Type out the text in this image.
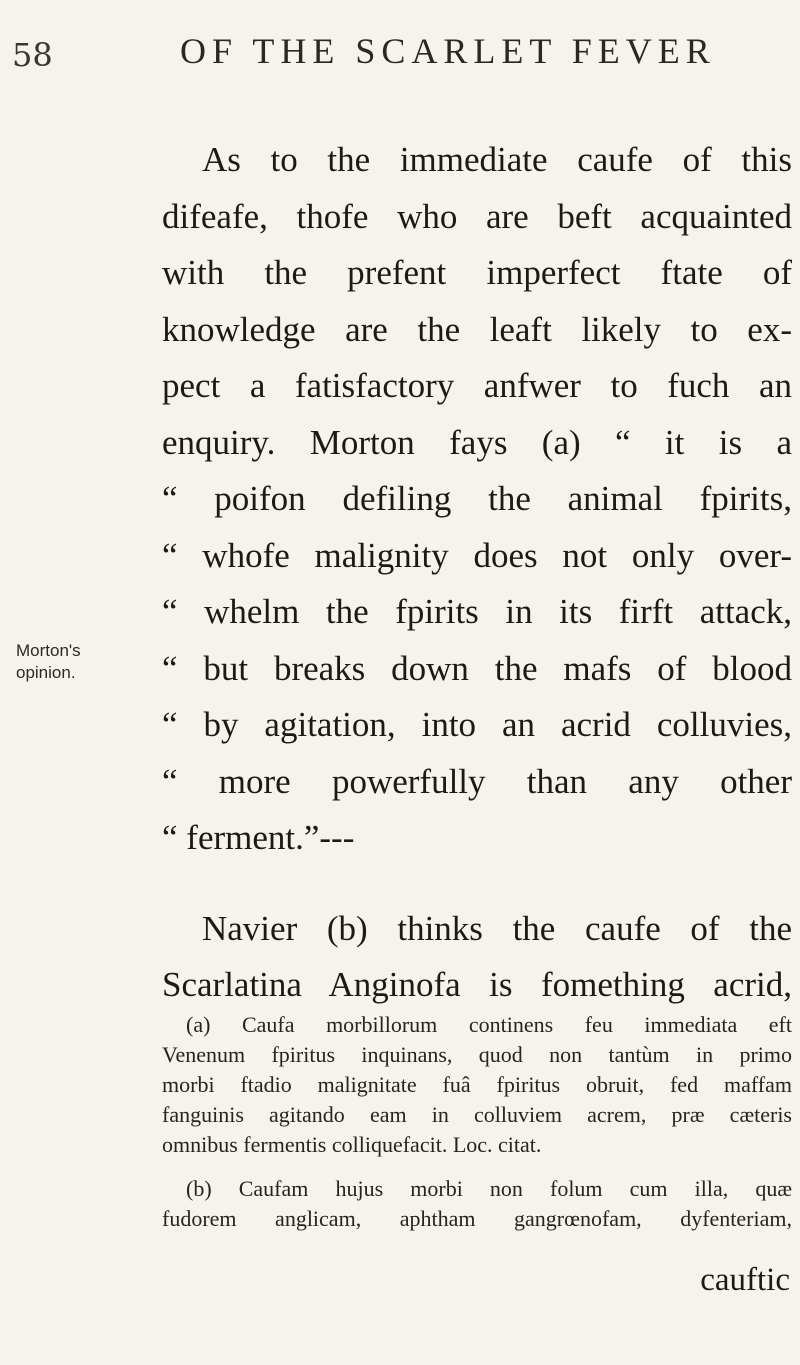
58	OF THE SCARLET FEVER
Morton's
opinion.
As to the immediate caufe of this
difeafe, thofe who are beft acquainted
with the prefent imperfect ftate of
knowledge are the leaft likely to ex-
pect a fatisfactory anfwer to fuch an
enquiry. Morton fays (a) “ it is a
“ poifon defiling the animal fpirits,
“ whofe malignity does not only over-
“ whelm the fpirits in its firft attack,
“ but breaks down the mafs of blood
“ by agitation, into an acrid colluvies,
“ more powerfully than any other
“ ferment.”---
Navier (b) thinks the caufe of the
Scarlatina Anginofa is fomething acrid,
(a) Caufa morbillorum continens feu immediata eft
Venenum fpiritus inquinans, quod non tantùm in primo
morbi ftadio malignitate fuâ fpiritus obruit, fed maffam
fanguinis agitando eam in colluviem acrem, præ cæteris
omnibus fermentis colliquefacit. Loc. citat.
(b) Caufam hujus morbi non folum cum illa, quæ
fudorem anglicam, aphtham gangrœnofam, dyfenteriam,
cauftic
